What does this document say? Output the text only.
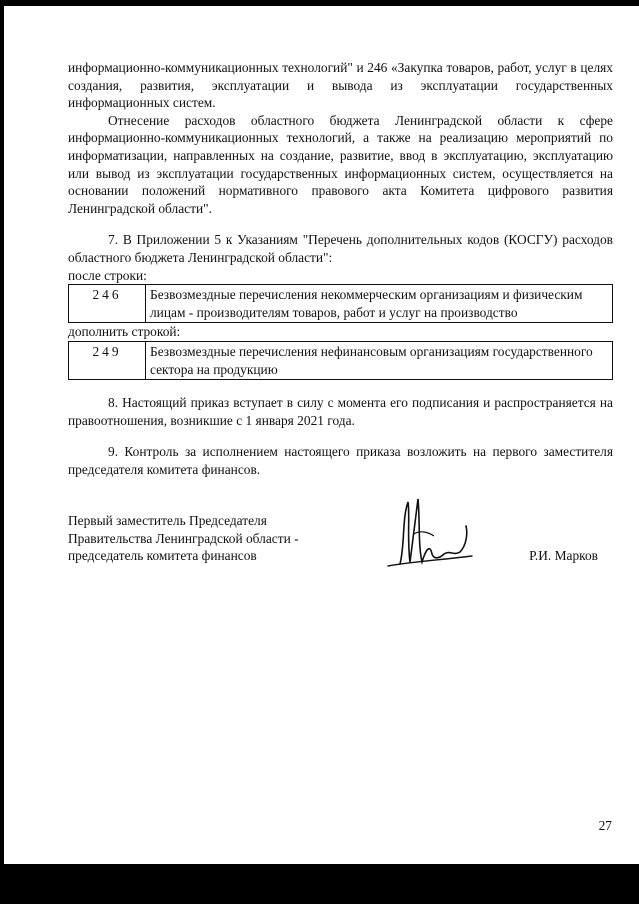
информационно-коммуникационных технологий" и 246 «Закупка товаров, работ, услуг в целях создания, развития, эксплуатации и вывода из эксплуатации государственных информационных систем.

Отнесение расходов областного бюджета Ленинградской области к сфере информационно-коммуникационных технологий, а также на реализацию мероприятий по информатизации, направленных на создание, развитие, ввод в эксплуатацию, эксплуатацию или вывод из эксплуатации государственных информационных систем, осуществляется на основании положений нормативного правового акта Комитета цифрового развития Ленинградской области".

7. В Приложении 5 к Указаниям "Перечень дополнительных кодов (КОСГУ) расходов областного бюджета Ленинградской области":

после строки:
246	Безвозмездные перечисления некоммерческим организациям и физическим лицам - производителям товаров, работ и услуг на производство
дополнить строкой:
249	Безвозмездные перечисления нефинансовым организациям государственного сектора на продукцию

8. Настоящий приказ вступает в силу с момента его подписания и распространяется на правоотношения, возникшие с 1 января 2021 года.

9. Контроль за исполнением настоящего приказа возложить на первого заместителя председателя комитета финансов.

Первый заместитель Председателя
Правительства Ленинградской области -
председатель комитета финансов	Р.И. Марков
27
